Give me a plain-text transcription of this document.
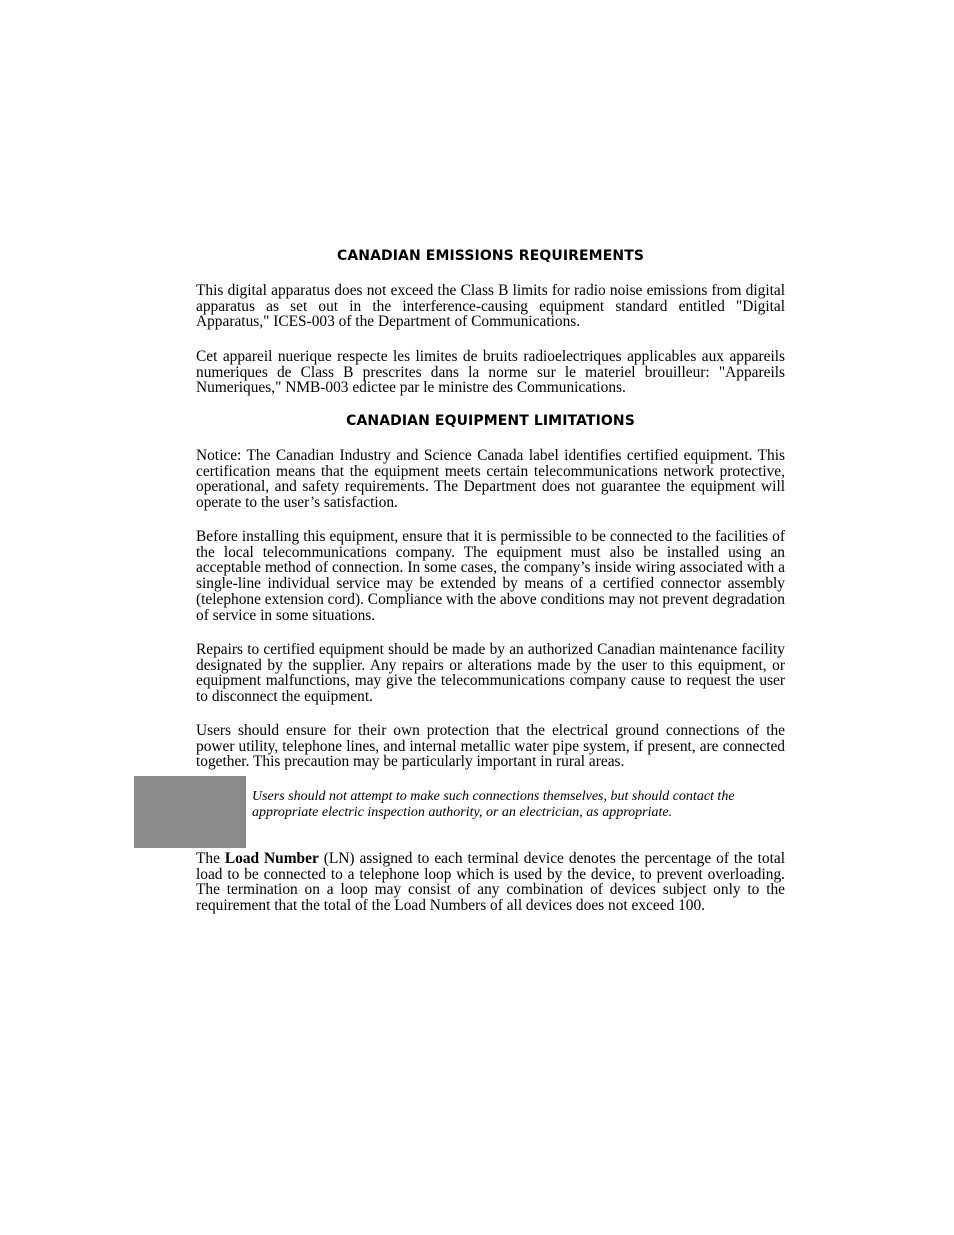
CANADIAN EMISSIONS REQUIREMENTS

This digital apparatus does not exceed the Class B limits for radio noise emissions from digital apparatus as set out in the interference-causing equipment standard entitled "Digital Apparatus," ICES-003 of the Department of Communications.

Cet appareil nuerique respecte les limites de bruits radioelectriques applicables aux appareils numeriques de Class B prescrites dans la norme sur le materiel brouilleur: "Appareils Numeriques," NMB-003 edictee par le ministre des Communications.

CANADIAN EQUIPMENT LIMITATIONS

Notice: The Canadian Industry and Science Canada label identifies certified equipment. This certification means that the equipment meets certain telecommunications network protective, operational, and safety requirements. The Department does not guarantee the equipment will operate to the user’s satisfaction.

Before installing this equipment, ensure that it is permissible to be connected to the facilities of the local telecommunications company. The equipment must also be installed using an acceptable method of connection. In some cases, the company’s inside wiring associated with a single-line individual service may be extended by means of a certified connector assembly (telephone extension cord). Compliance with the above conditions may not prevent degradation of service in some situations.

Repairs to certified equipment should be made by an authorized Canadian maintenance facility designated by the supplier. Any repairs or alterations made by the user to this equipment, or equipment malfunctions, may give the telecommunications company cause to request the user to disconnect the equipment.

Users should ensure for their own protection that the electrical ground connections of the power utility, telephone lines, and internal metallic water pipe system, if present, are connected together. This precaution may be particularly important in rural areas.

Users should not attempt to make such connections themselves, but should contact the appropriate electric inspection authority, or an electrician, as appropriate.

The Load Number (LN) assigned to each terminal device denotes the percentage of the total load to be connected to a telephone loop which is used by the device, to prevent overloading. The termination on a loop may consist of any combination of devices subject only to the requirement that the total of the Load Numbers of all devices does not exceed 100.
